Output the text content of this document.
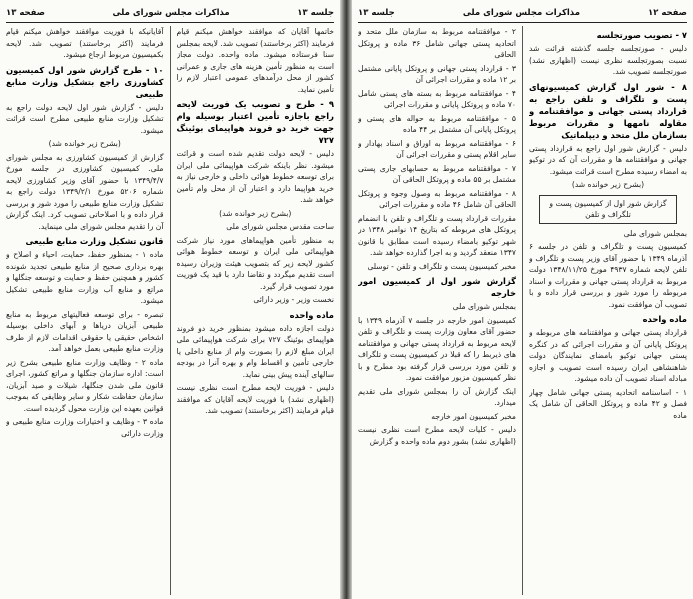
جلسه ۱۳
مذاکرات مجلس شورای ملی
صفحه ۱۳
خاتمها آقایان که موافقند خواهش میکنم قیام فرمایند (اکثر برخاستند) تصویب شد. لایحه بمجلس سنا فرستاده میشود. ماده واحده. دولت مجاز است به منظور تأمین هزینه های جاری و عمرانی کشور از محل درآمدهای عمومی اعتبار لازم را تأمین نماید.
۹ - طرح و تصویب یک فوریت لایحه راجع باجازه تأمین اعتبار بوسیله وام جهت خرید دو فروند هواپیمای بوئینگ ۷۲۷
دلیس - لایحه دولت تقدیم شده است و قرائت میشود. نظر باینکه شرکت هواپیمائی ملی ایران برای توسعه خطوط هوائی داخلی و خارجی نیاز به خرید هواپیما دارد و اعتبار آن از محل وام تأمین خواهد شد.
(بشرح زیر خوانده شد)
ساحت مقدس مجلس شورای ملی
به منظور تأمین هواپیماهای مورد نیاز شرکت هواپیمائی ملی ایران و توسعه خطوط هوائی کشور لایحه زیر که بتصویب هیئت وزیران رسیده است تقدیم میگردد و تقاضا دارد با قید یک فوریت مورد تصویب قرار گیرد.
نخست وزیر - وزیر دارائی
ماده واحده
دولت اجازه داده میشود بمنظور خرید دو فروند هواپیمای بوئینگ ۷۲۷ برای شرکت هواپیمائی ملی ایران مبلغ لازم را بصورت وام از منابع داخلی یا خارجی تأمین و اقساط وام و بهره آنرا در بودجه سالهای آینده پیش بینی نماید.
دلیس - فوریت لایحه مطرح است نظری نیست (اظهاری نشد) با فوریت لایحه آقایان که موافقند قیام فرمایند (اکثر برخاستند) تصویب شد.
آقایانیکه با فوریت موافقند خواهش میکنم قیام فرمایند (اکثر برخاستند) تصویب شد. لایحه بکمیسیون مربوط ارجاع میشود.
۱۰ - طرح گزارش شور اول کمیسیون کشاورزی راجع بتشکیل وزارت منابع طبیعی
دلیس - گزارش شور اول لایحه دولت راجع به تشکیل وزارت منابع طبیعی مطرح است قرائت میشود.
(بشرح زیر خوانده شد)
گزارش از کمیسیون کشاورزی به مجلس شورای ملی. کمیسیون کشاورزی در جلسه مورخ ۱۳۴۹/۴/۷ با حضور آقای وزیر کشاورزی لایحه شماره ۵۲۰۶ مورخ ۱۳۴۹/۲/۱ دولت راجع به تشکیل وزارت منابع طبیعی را مورد شور و بررسی قرار داده و با اصلاحاتی تصویب کرد. اینک گزارش آن را تقدیم مجلس شورای ملی مینماید.
قانون تشکیل وزارت منابع طبیعی
ماده ۱ - بمنظور حفظ، حمایت، احیاء و اصلاح و بهره برداری صحیح از منابع طبیعی تجدید شونده کشور و همچنین حفظ و حمایت و توسعه جنگلها و مراتع و منابع آب وزارت منابع طبیعی تشکیل میشود.
تبصره - برای توسعه فعالیتهای مربوط به منابع طبیعی آبزیان دریاها و آبهای داخلی بوسیله اشخاص حقیقی یا حقوقی اقدامات لازم از طرف وزارت منابع طبیعی بعمل خواهد آمد.
ماده ۲ - وظایف وزارت منابع طبیعی بشرح زیر است: اداره سازمان جنگلها و مراتع کشور، اجرای قانون ملی شدن جنگلها، شیلات و صید آبزیان، سازمان حفاظت شکار و سایر وظایفی که بموجب قوانین بعهده این وزارت محول گردیده است.
ماده ۳ - وظایف و اختیارات وزارت منابع طبیعی و وزارت دارائی
صفحه ۱۲
مذاکرات مجلس شورای ملی
جلسه ۱۳
۷ - تصویب صورتجلسه
دلیس - صورتجلسه جلسه گذشته قرائت شد نسبت بصورتجلسه نظری نیست (اظهاری نشد) صورتجلسه تصویب شد.
۸ - شور اول گزارش کمیسیونهای پست و تلگراف و تلفن راجع به قرارداد پستی جهانی و موافقتنامه و مقاوله نامهها و مقررات مربوط بسازمان ملل متحد و دیپلماتیک
دلیس - گزارش شور اول راجع به قرارداد پستی جهانی و موافقتنامه ها و مقررات آن که در توکیو به امضاء رسیده مطرح است قرائت میشود.
(بشرح زیر خوانده شد)
گزارش شور اول از کمیسیون پست و تلگراف و تلفن
بمجلس شورای ملی
کمیسیون پست و تلگراف و تلفن در جلسه ۶ آذرماه ۱۳۴۹ با حضور آقای وزیر پست و تلگراف و تلفن لایحه شماره ۴۹۳۷ مورخ ۱۳۴۸/۱۱/۲۵ دولت مربوط به قرارداد پستی جهانی و مقررات و اسناد مربوطه را مورد شور و بررسی قرار داده و با تصویب آن موافقت نمود.
ماده واحده
قرارداد پستی جهانی و موافقتنامه های مربوطه و پروتکل پایانی آن و مقررات اجرائی که در کنگره پستی جهانی توکیو بامضای نمایندگان دولت شاهنشاهی ایران رسیده است تصویب و اجازه مبادله اسناد تصویب آن داده میشود.
۱ - اساسنامه اتحادیه پستی جهانی شامل چهار فصل و ۴۲ ماده و پروتکل الحاقی آن شامل یک ماده
۲ - موافقتنامه مربوط به سازمان ملل متحد و اتحادیه پستی جهانی شامل ۳۶ ماده و پروتکل الحاقی
۳ - قرارداد پستی جهانی و پروتکل پایانی مشتمل بر ۱۲ ماده و مقررات اجرائی آن
۴ - موافقتنامه مربوط به بسته های پستی شامل ۷۰ ماده و پروتکل پایانی و مقررات اجرائی
۵ - موافقتنامه مربوط به حواله های پستی و پروتکل پایانی آن مشتمل بر ۴۴ ماده
۶ - موافقتنامه مربوط به اوراق و اسناد بهادار و سایر اقلام پستی و مقررات اجرائی آن
۷ - موافقتنامه مربوط به حسابهای جاری پستی مشتمل بر ۵۵ ماده و پروتکل الحاقی آن
۸ - موافقتنامه مربوط به وصول وجوه و پروتکل الحاقی آن شامل ۴۶ ماده و مقررات اجرائی
مقررات قرارداد پست و تلگراف و تلفن با انضمام پروتکل های مربوطه که بتاریخ ۱۴ نوامبر ۱۳۴۸ در شهر توکیو بامضاء رسیده است مطابق با قانون ۱۳۴۷ منعقد گردید و به اجرا گذارده خواهد شد.
مخبر کمیسیون پست و تلگراف و تلفن - توسلی
گزارش شور اول از کمیسیون امور خارجه
بمجلس شورای ملی
کمیسیون امور خارجه در جلسه ۷ آذرماه ۱۳۴۹ با حضور آقای معاون وزارت پست و تلگراف و تلفن لایحه مربوط به قرارداد پستی جهانی و موافقتنامه های ذیربط را که قبلا در کمیسیون پست و تلگراف و تلفن مورد بررسی قرار گرفته بود مطرح و با نظر کمیسیون مزبور موافقت نمود.
اینک گزارش آن را بمجلس شورای ملی تقدیم میدارد.
مخبر کمیسیون امور خارجه
دلیس - کلیات لایحه مطرح است نظری نیست (اظهاری نشد) بشور دوم ماده واحده و گزارش
